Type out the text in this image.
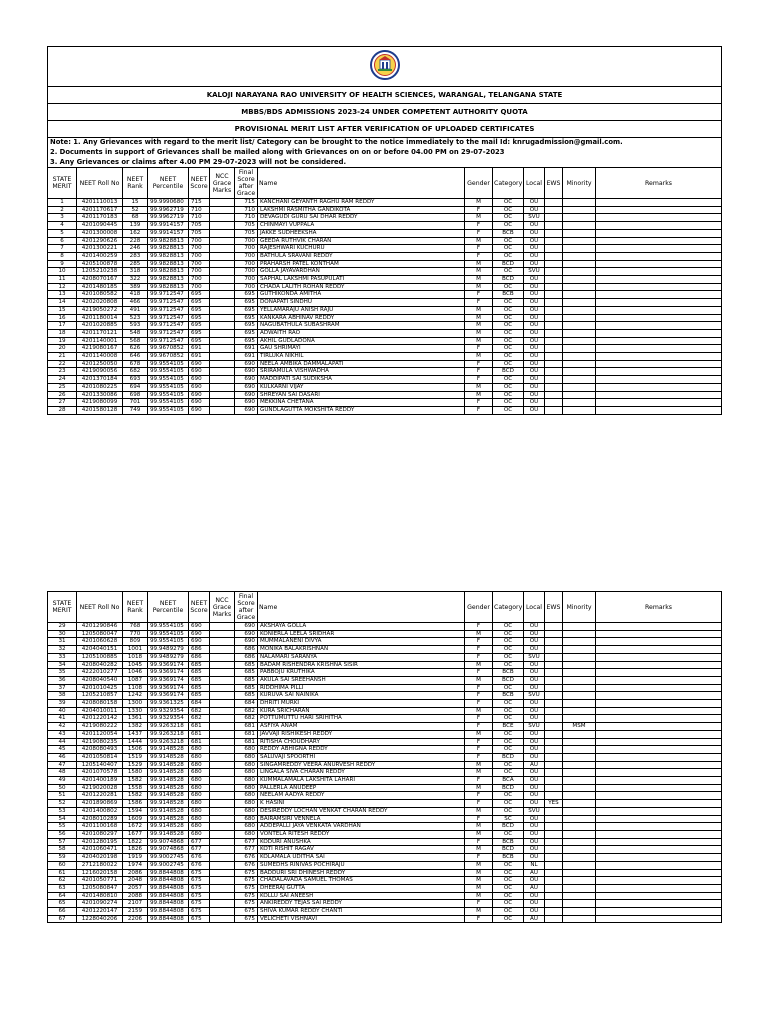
KALOJI NARAYANA RAO UNIVERSITY OF HEALTH SCIENCES, WARANGAL, TELANGANA STATE													
MBBS/BDS ADMISSIONS 2023-24 UNDER COMPETENT AUTHORITY QUOTA													
PROVISIONAL MERIT LIST AFTER VERIFICATION OF UPLOADED CERTIFICATES													
Note: 1. Any Grievances with regard to the merit list/ Category can be brought to the notice immediately to the mail Id: knrugadmission@gmail.com.													
2. Documents in support of Grievances shall be mailed along with Grievances on on or before 04.00 PM on 29-07-2023													
3. Any Grievances or claims after 4.00 PM 29-07-2023 will not be considered.													
STATE MERIT	NEET Roll No	NEET Rank	NEET Percentile	NEET Score	NCC Grace Marks	Final Score after Grace	Name	Gender	Category	Local	EWS	Minority	Remarks
1	4201110013	15	99.9990680	715		715	KANCHANI GEYANTH RAGHU RAM REDDY	M	OC	OU			
2	4201170617	52	99.9962719	710		710	LAKSHMI RASMITHA GANDIKOTA	F	OC	OU			
3	4201170183	68	99.9962719	710		710	DEVAGUDI GURU SAI DHAR REDDY	M	OC	SVU			
4	4201090445	139	99.9914157	705		705	CHINMAYI VUPPALA	F	OC	OU			
5	4201300008	162	99.9914157	705		705	JAKKE SUDHEEKSHA	F	BCB	OU			
6	4201290626	228	99.9828813	700		700	GEEDA RUTHVIK CHARAN	M	OC	OU			
7	4201300221	246	99.9828813	700		700	RAJESHWARI KUCHURU	F	OC	OU			
8	4201400259	283	99.9828813	700		700	BATHULA SRAVANI REDDY	F	OC	OU			
9	4205100878	285	99.9828813	700		700	PRAHARSH PATEL KONTHAM	M	BCD	OU			
10	1205210238	318	99.9828813	700		700	GOLLA JAYAVARDHAN	M	OC	SVU			
11	4208070167	322	99.9828813	700		700	SAPHAL LAKSHMI PASUPULATI	M	BCD	OU			
12	4201480185	389	99.9828813	700		700	CHADA LALITH ROHAN REDDY	M	OC	OU			
13	4201080582	418	99.9712547	695		695	GUTHIKONDA AMITHA	F	BCB	OU			
14	4202020808	466	99.9712547	695		695	DONAPATI SINDHU	F	OC	OU			
15	4219050272	491	99.9712547	695		695	YELLAMARAJU ANISH RAJU	M	OC	OU			
16	4201180014	523	99.9712547	695		695	KANKARA ABHINAV REDDY	M	OC	OU			
17	4201020885	593	99.9712547	695		695	NAGUBATHULA SUBASHRAM	M	OC	OU			
18	4201170121	548	99.9712547	695		695	ADWAITH RAO	M	OC	OU			
19	4201140001	568	99.9712547	695		695	AKHIL GUDLADONA	M	OC	OU			
20	4219080167	626	99.9670852	691		691	GAU SHRIMAYI	F	OC	OU			
21	4201140008	646	99.9670852	691		691	TIRLUKA NIKHIL	M	OC	OU			
22	4201250050	678	99.9554105	690		690	NEELA AMBIKA DAMMALAPATI	F	OC	OU			
23	4219090056	682	99.9554105	690		690	SRIRAMULA VISHWADHA	F	BCD	OU			
24	4201370184	693	99.9554105	690		690	MADDIPATI SAI SUDIKSHA	F	OC	OU			
25	4201080225	694	99.9554105	690		690	KULKARNI VIJAY	M	OC	OU			
26	4201330086	698	99.9554105	690		690	SHREYAN SAI DASARI	M	OC	OU			
27	4219080099	701	99.9554105	690		690	MEKKINA CHETANA	F	OC	OU			
28	4201580128	749	99.9554105	690		690	GUNDLAGUTTA MOKSHITA REDDY	F	OC	OU			
STATE MERIT	NEET Roll No	NEET Rank	NEET Percentile	NEET Score	NCC Grace Marks	Final Score after Grace	Name	Gender	Category	Local	EWS	Minority	Remarks
29	4201290846	768	99.9554105	690		690	AKSHAYA GOLLA	F	OC	OU			
30	1205080047	770	99.9554105	690		690	KONIERLA LEELA SRIDHAR	M	OC	OU			
31	4201060628	809	99.9554105	690		690	MUMMALANENI DIVYA	F	OC	OU			
32	4204040151	1001	99.9489279	686		686	MONIKA BALAKRISHNAN	F	OC	OU			
33	1205100885	1018	99.9489279	686		686	NALAMARI SARANYA	F	OC	SVU			
34	4208040282	1045	99.9369174	685		685	BADAM RISHENDRA KRISHNA SISIR	M	OC	OU			
35	4222010277	1046	99.9369174	685		685	PABBOJU KRUTHIKA	F	BCB	OU			
36	4208040540	1087	99.9369174	685		685	AKULA SAI SREEHANSH	M	BCD	OU			
37	4201010425	1108	99.9369174	685		685	RIDDHIMA PILLI	F	OC	OU			
38	1205210857	1242	99.9369174	685		685	KURUVA SAI NAINIKA	F	BCB	SVU			
39	4208080158	1300	99.9361325	684		684	DHRITI MURKI	F	OC	OU			
40	4204010011	1330	99.9329354	682		682	KURA SRICHARAN	M	OC	OU			
41	4201220142	1361	99.9329354	682		682	POTTUMUTTU HARI SRIHITHA	F	OC	OU			
42	4219080222	1382	99.9263218	681		681	ASFIYA ANAM	F	BCE	SVU		MSM	
43	4201120054	1437	99.9263218	681		681	JAVVAJI RISHIKESH REDDY	M	OC	OU			
44	4219080235	1444	99.9263218	681		681	RITISHA CHOUDHARY	F	OC	OU			
45	4208080493	1506	99.9148528	680		680	REDDY ABHIGNA REDDY	F	OC	OU			
46	4201050814	1519	99.9148528	680		680	SALUVAJI SPOORTHI	F	BCD	OU			
47	1205140407	1529	99.9148528	680		680	SINGAMREDDY VEERA ANURVESH REDDY	M	OC	AU			
48	4201070578	1580	99.9148528	680		680	LINGALA SIVA CHARAN REDDY	M	OC	OU			
49	4201400189	1582	99.9148528	680		680	KUMMALAMALA LAKSHITA LAHARI	F	BCA	OU			
50	4219020028	1558	99.9148528	680		680	PALLERLA ANUDEEP	M	BCD	OU			
51	4201220281	1582	99.9148528	680		680	NEELAM AADYA REDDY	F	OC	OU			
52	4201890869	1586	99.9148528	680		680	K HASINI	F	OC	OU	YES		
53	4201400802	1594	99.9148528	680		680	DESIREDDY LOCHAN VENKAT CHARAN REDDY	M	OC	SVU			
54	4208010289	1609	99.9148528	680		680	BAIRAMSIRI VENNELA	F	SC	OU			
55	4201100168	1672	99.9148528	680		680	ADDEPALLI JAYA VENKATA VARDHAN	M	BCD	OU			
56	4201080297	1677	99.9148528	680		680	VONTELA RITESH REDDY	M	OC	OU			
57	4201280195	1822	99.9074868	677		677	KODURI ANUSHKA	F	BCB	OU			
58	4201060471	1826	99.9074868	677		677	KOTI RISHIT RAGAV	M	BCD	OU			
59	4204020198	1919	99.9002745	676		676	KOLAMALA UDITHA SAI	F	BCB	OU			
60	2712180022	1974	99.9002745	676		676	SUMEDHS RINIVAS POCHIRAJU	M	OC	NL			
61	1216020158	2086	99.8844808	675		675	BADDURI SRI DHINESH REDDY	M	OC	AU			
62	4201050771	2048	99.8844808	675		675	CHADALAVADA SAMUEL THOMAS	M	OC	OU			
63	1205080847	2057	99.8844808	675		675	DHEERAJ GUTTA	M	OC	AU			
64	4201480810	2088	99.8844808	675		675	KOLLU SAI ANEESH	M	OC	OU			
65	4201090274	2107	99.8844808	675		675	ANKIREDDY TEJAS SAI REDDY	F	OC	OU			
66	4201220147	2159	99.8844808	675		675	SHIVA KUMAR REDDY CHANTI	M	OC	OU			
67	1228040206	2206	99.8844808	675		675	VELICHETI VISHNAVI	F	OC	AU			
